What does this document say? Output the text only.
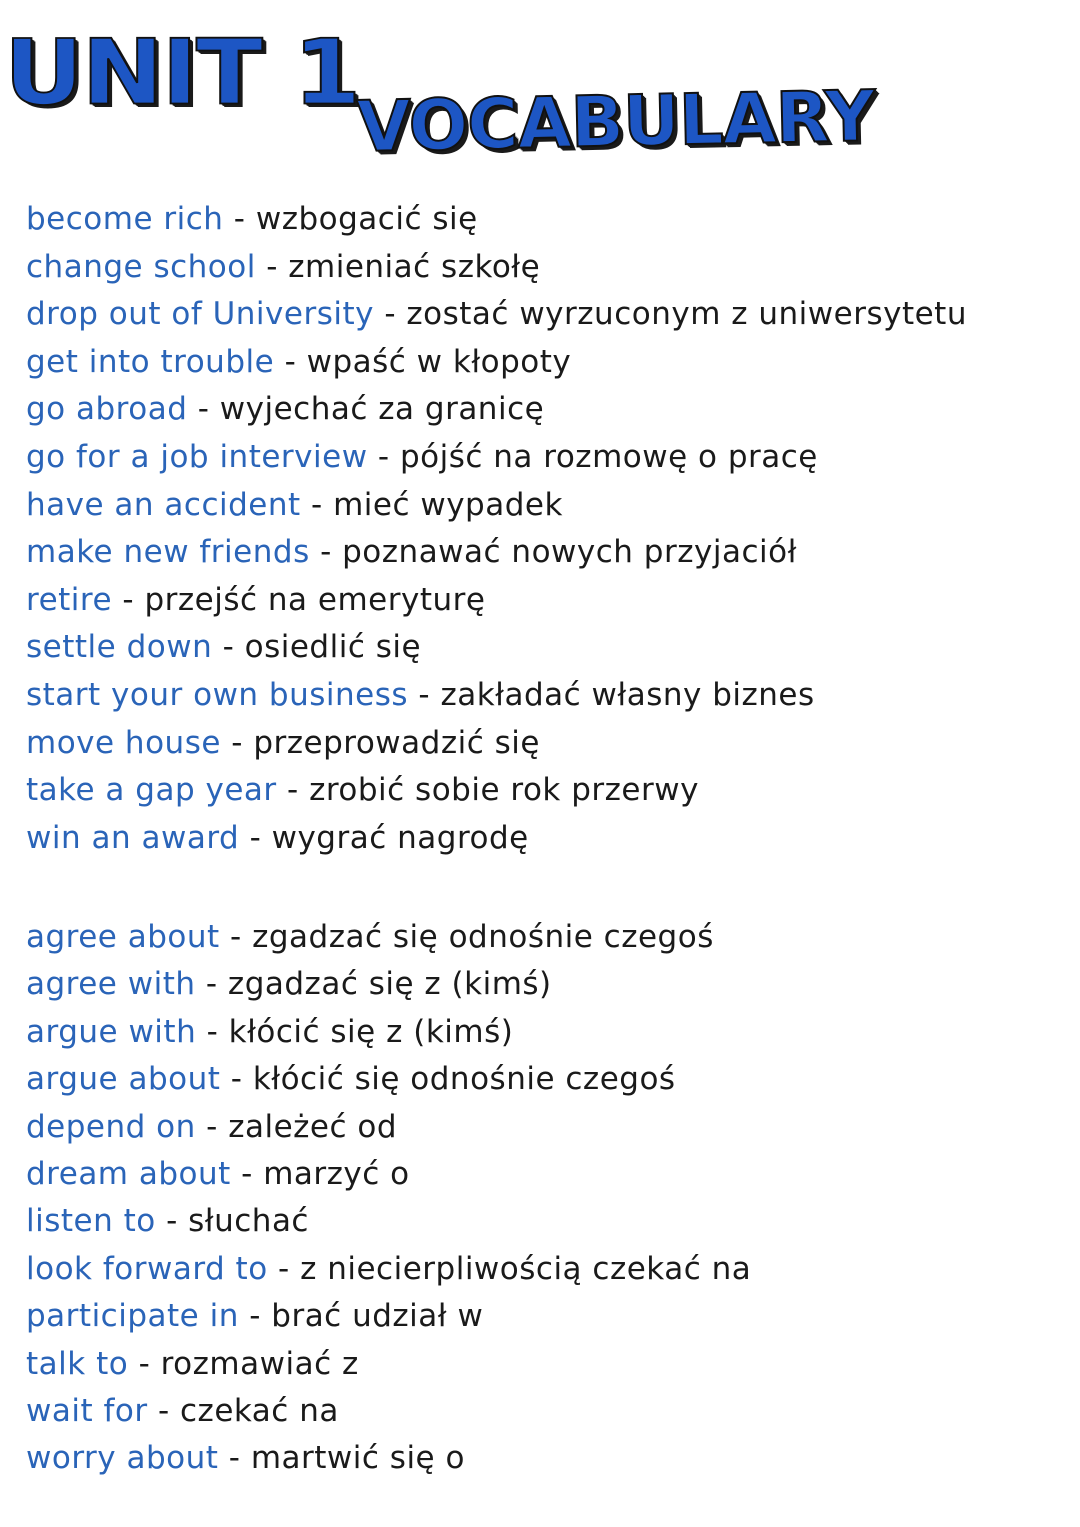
UNIT 1
VOCABULARY
become rich - wzbogacić się
change school - zmieniać szkołę
drop out of University - zostać wyrzuconym z uniwersytetu
get into trouble - wpaść w kłopoty
go abroad - wyjechać za granicę
go for a job interview - pójść na rozmowę o pracę
have an accident - mieć wypadek
make new friends - poznawać nowych przyjaciół
retire - przejść na emeryturę
settle down - osiedlić się
start your own business - zakładać własny biznes
move house - przeprowadzić się
take a gap year - zrobić sobie rok przerwy
win an award - wygrać nagrodę
agree about - zgadzać się odnośnie czegoś
agree with - zgadzać się z (kimś)
argue with - kłócić się z (kimś)
argue about - kłócić się odnośnie czegoś
depend on - zależeć od
dream about - marzyć o
listen to - słuchać
look forward to - z niecierpliwością czekać na
participate in - brać udział w
talk to - rozmawiać z
wait for - czekać na
worry about - martwić się o
